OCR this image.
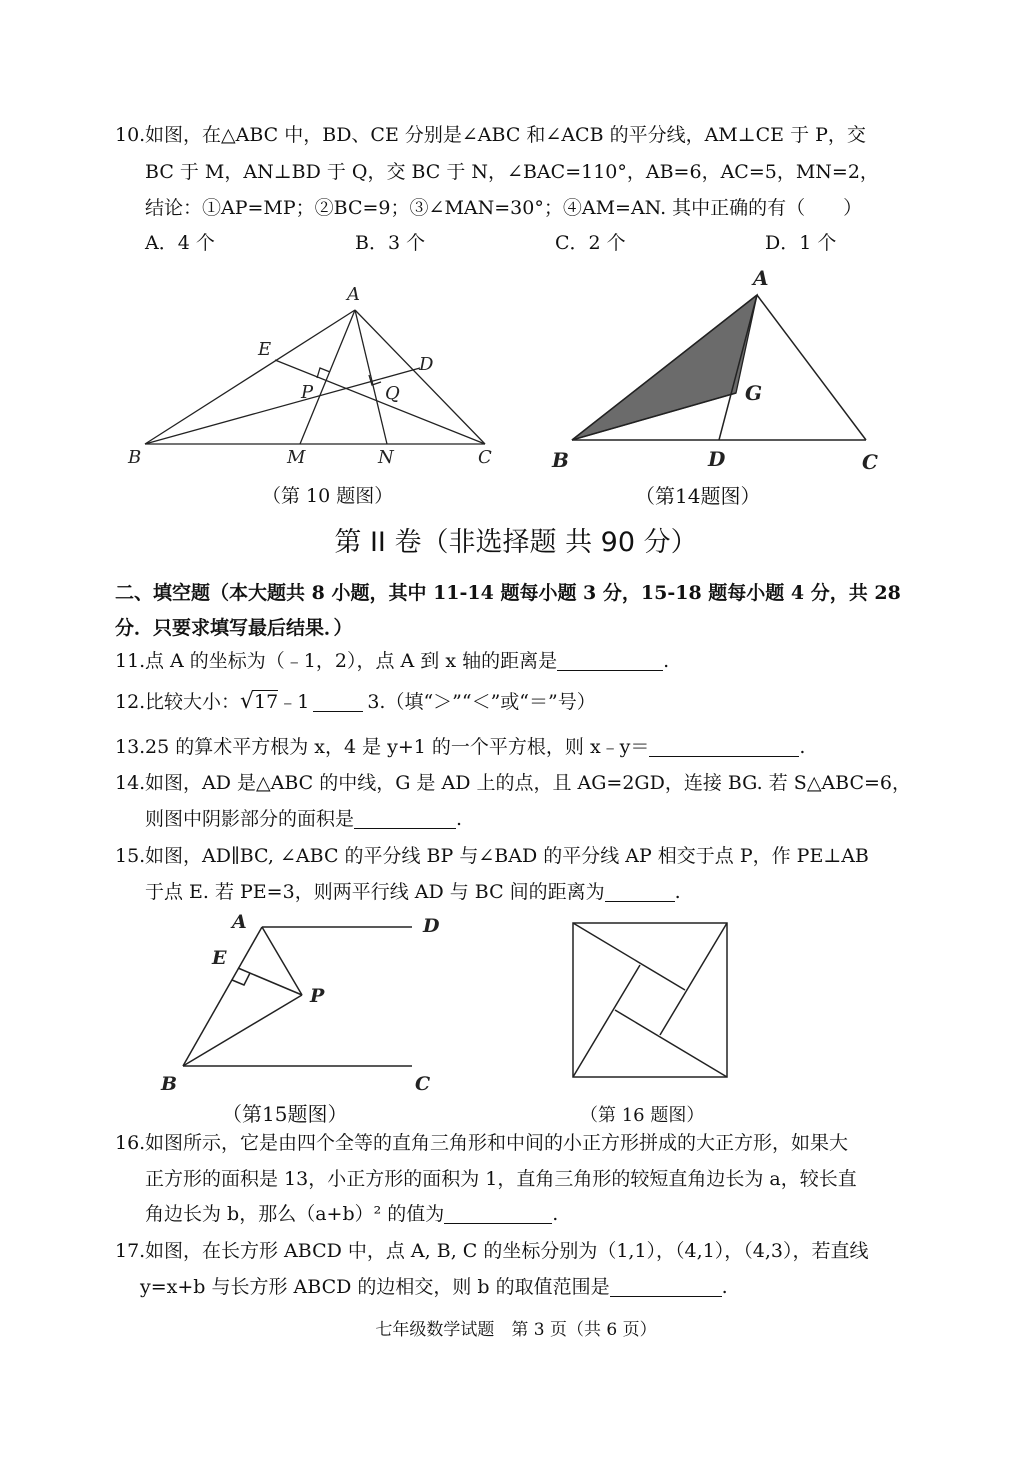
10. 如图，在△ABC 中，BD、CE 分别是∠ABC 和∠ACB 的平分线，AM⊥CE 于 P，交
BC 于 M，AN⊥BD 于 Q，交 BC 于 N，∠BAC=110°，AB=6，AC=5，MN=2，
结论：①AP=MP；②BC=9；③∠MAN=30°；④AM=AN. 其中正确的有（　　）
A．4 个	B．3 个	C．2 个	D．1 个
A
E
D
P	Q
B	M	N	C
（第 10 题图）
A
G
B	D	C
（第14题图）
第 II 卷（非选择题 共 90 分）
二、填空题（本大题共 8 小题，其中 11-14 题每小题 3 分，15-18 题每小题 4 分，共 28
分．只要求填写最后结果．）
11. 点 A 的坐标为（﹣1，2），点 A 到 x 轴的距离是	.
12. 比较大小：√17﹣1	3.（填“＞”“＜”或“＝”号）
13. 25 的算术平方根为 x，4 是 y+1 的一个平方根，则 x﹣y＝	.
14. 如图，AD 是△ABC 的中线，G 是 AD 上的点，且 AG=2GD，连接 BG. 若 S△ABC=6，
则图中阴影部分的面积是	.
15. 如图，AD∥BC, ∠ABC 的平分线 BP 与∠BAD 的平分线 AP 相交于点 P，作 PE⊥AB
于点 E. 若 PE=3，则两平行线 AD 与 BC 间的距离为	.
A	D
E
P
B	C
（第15题图）	（第 16 题图）
16. 如图所示，它是由四个全等的直角三角形和中间的小正方形拼成的大正方形，如果大
正方形的面积是 13，小正方形的面积为 1，直角三角形的较短直角边长为 a，较长直
角边长为 b，那么（a+b）² 的值为	.
17. 如图，在长方形 ABCD 中，点 A, B, C 的坐标分别为（1,1），（4,1），（4,3），若直线
y=x+b 与长方形 ABCD 的边相交，则 b 的取值范围是	.
七年级数学试题　第 3 页（共 6 页）
